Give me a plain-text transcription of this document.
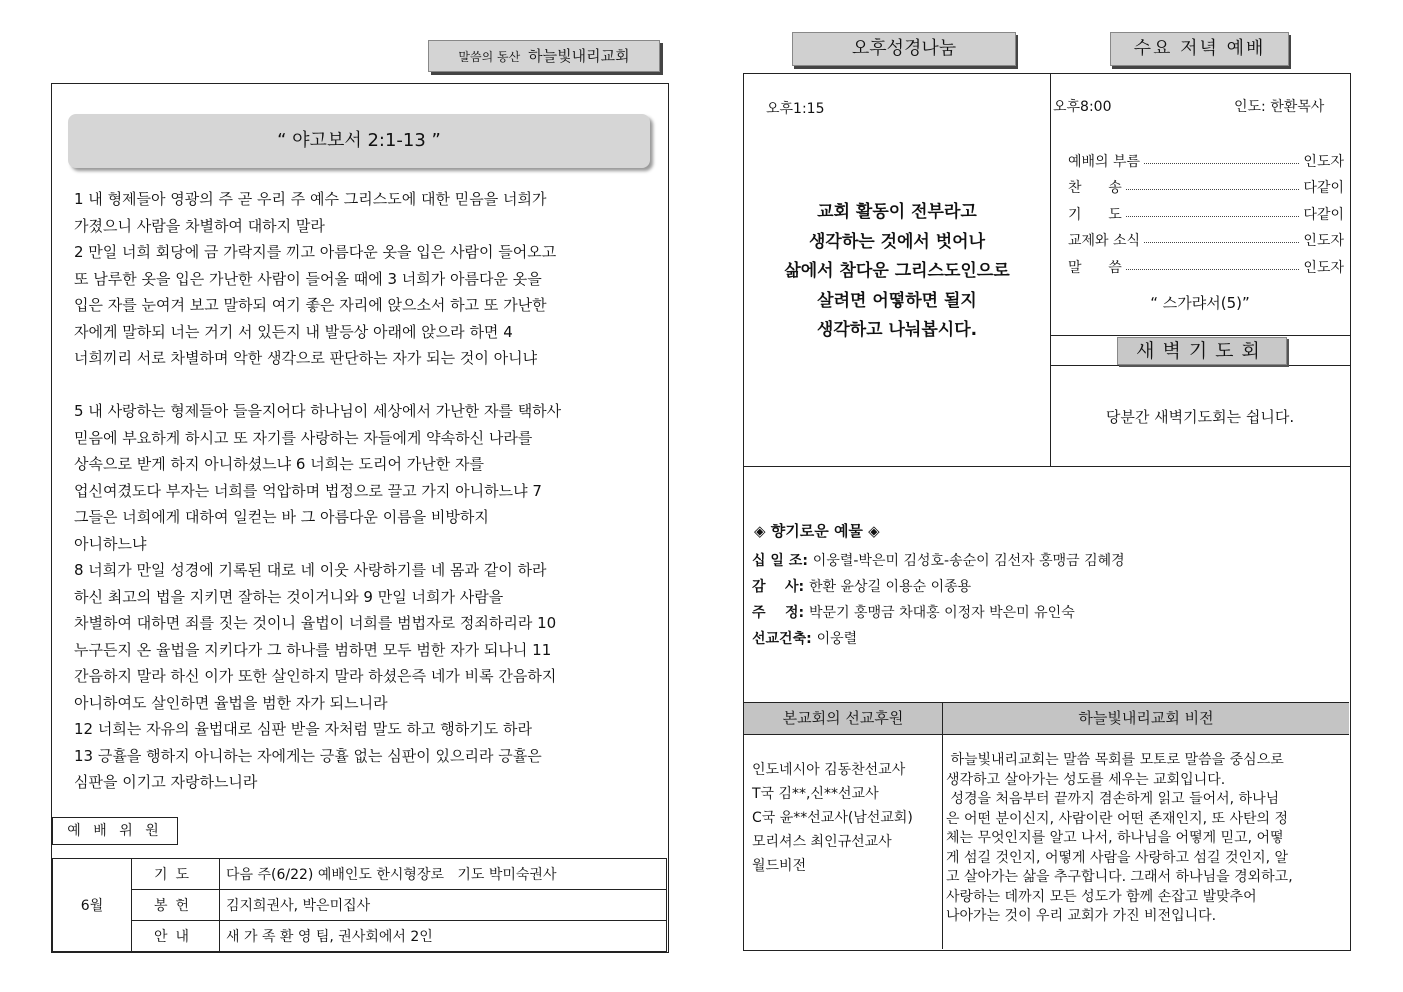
말씀의 동산 하늘빛내리교회
“ 야고보서 2:1-13 ”

1 내 형제들아 영광의 주 곧 우리 주 예수 그리스도에 대한 믿음을 너희가
가졌으니 사람을 차별하여 대하지 말라
2 만일 너희 회당에 금 가락지를 끼고 아름다운 옷을 입은 사람이 들어오고
또 남루한 옷을 입은 가난한 사람이 들어올 때에 3 너희가 아름다운 옷을
입은 자를 눈여겨 보고 말하되 여기 좋은 자리에 앉으소서 하고 또 가난한
자에게 말하되 너는 거기 서 있든지 내 발등상 아래에 앉으라 하면 4
너희끼리 서로 차별하며 악한 생각으로 판단하는 자가 되는 것이 아니냐

5 내 사랑하는 형제들아 들을지어다 하나님이 세상에서 가난한 자를 택하사
믿음에 부요하게 하시고 또 자기를 사랑하는 자들에게 약속하신 나라를
상속으로 받게 하지 아니하셨느냐 6 너희는 도리어 가난한 자를
업신여겼도다 부자는 너희를 억압하며 법정으로 끌고 가지 아니하느냐 7
그들은 너희에게 대하여 일컫는 바 그 아름다운 이름을 비방하지
아니하느냐
8 너희가 만일 성경에 기록된 대로 네 이웃 사랑하기를 네 몸과 같이 하라
하신 최고의 법을 지키면 잘하는 것이거니와 9 만일 너희가 사람을
차별하여 대하면 죄를 짓는 것이니 율법이 너희를 범법자로 정죄하리라 10
누구든지 온 율법을 지키다가 그 하나를 범하면 모두 범한 자가 되나니 11
간음하지 말라 하신 이가 또한 살인하지 말라 하셨은즉 네가 비록 간음하지
아니하여도 살인하면 율법을 범한 자가 되느니라
12 너희는 자유의 율법대로 심판 받을 자처럼 말도 하고 행하기도 하라
13 긍휼을 행하지 아니하는 자에게는 긍휼 없는 심판이 있으리라 긍휼은
심판을 이기고 자랑하느니라

예 배 위 원
6월	기도	다음 주(6/22) 예배인도 한시형장로   기도 박미숙권사
	봉헌	김지희권사, 박은미집사
	안내	새 가 족 환 영 팀, 권사회에서 2인
오후성경나눔	수요 저녁 예배
오후1:15
교회 활동이 전부라고
생각하는 것에서 벗어나
삶에서 참다운 그리스도인으로
살려면 어떻하면 될지
생각하고 나눠봅시다.
오후8:00	인도: 한환목사
예배의 부름	인도자
찬      송	다같이
기      도	다같이
교제와 소식	인도자
말      씀	인도자
“ 스가랴서(5)”
새벽기도회
당분간 새벽기도회는 쉽니다.
◈ 향기로운 예물 ◈
십 일 조: 이웅렬-박은미 김성호-송순이 김선자 홍맹금 김혜경
감    사: 한환 윤상길 이용순 이종용
주    정: 박문기 홍맹금 차대홍 이정자 박은미 유인숙
선교건축: 이웅렬
본교회의 선교후원	하늘빛내리교회 비전
인도네시아 김동찬선교사
T국 김**,신**선교사
C국 윤**선교사(남선교회)
모리셔스 최인규선교사
월드비전
하늘빛내리교회는 말씀 목회를 모토로 말씀을 중심으로
생각하고 살아가는 성도를 세우는 교회입니다.
성경을 처음부터 끝까지 겸손하게 읽고 들어서, 하나님
은 어떤 분이신지, 사람이란 어떤 존재인지, 또 사탄의 정
체는 무엇인지를 알고 나서, 하나님을 어떻게 믿고, 어떻
게 섬길 것인지, 어떻게 사람을 사랑하고 섬길 것인지, 알
고 살아가는 삶을 추구합니다. 그래서 하나님을 경외하고,
사랑하는 데까지 모든 성도가 함께 손잡고 발맞추어
나아가는 것이 우리 교회가 가진 비전입니다.
